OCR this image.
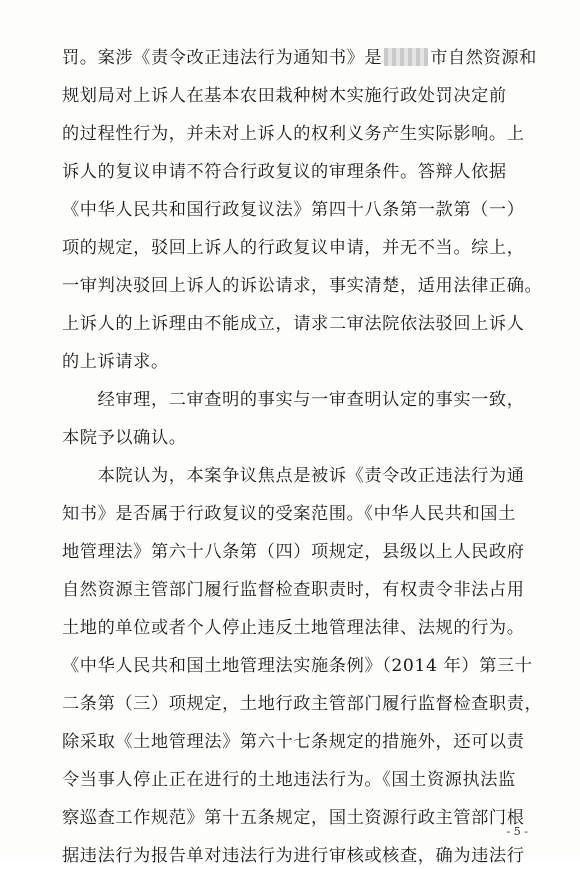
罚。案涉《责令改正违法行为通知书》是	市自然资源和
规划局对上诉人在基本农田栽种树木实施行政处罚决定前
的过程性行为，并未对上诉人的权利义务产生实际影响。上
诉人的复议申请不符合行政复议的审理条件。答辩人依据
《中华人民共和国行政复议法》第四十八条第一款第（一）
项的规定，驳回上诉人的行政复议申请，并无不当。综上，
一审判决驳回上诉人的诉讼请求，事实清楚，适用法律正确。
上诉人的上诉理由不能成立，请求二审法院依法驳回上诉人
的上诉请求。
　　经审理，二审查明的事实与一审查明认定的事实一致，
本院予以确认。
　　本院认为，本案争议焦点是被诉《责令改正违法行为通
知书》是否属于行政复议的受案范围。《中华人民共和国土
地管理法》第六十八条第（四）项规定，县级以上人民政府
自然资源主管部门履行监督检查职责时，有权责令非法占用
土地的单位或者个人停止违反土地管理法律、法规的行为。
《中华人民共和国土地管理法实施条例》（2014 年）第三十
二条第（三）项规定，土地行政主管部门履行监督检查职责，
除采取《土地管理法》第六十七条规定的措施外，还可以责
令当事人停止正在进行的土地违法行为。《国土资源执法监
察巡查工作规范》第十五条规定，国土资源行政主管部门根
据违法行为报告单对违法行为进行审核或核查，确为违法行
- 5 -
